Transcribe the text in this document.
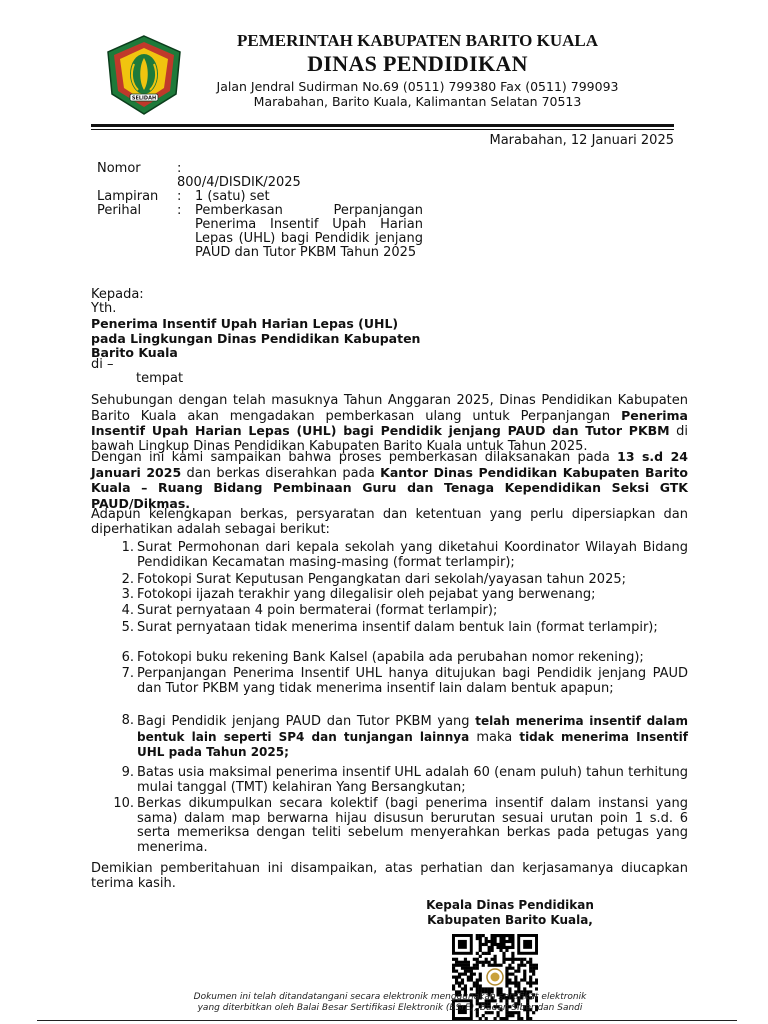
SELIDAH
PEMERINTAH KABUPATEN BARITO KUALA
DINAS PENDIDIKAN
Jalan Jendral Sudirman No.69 (0511) 799380 Fax (0511) 799093
Marabahan, Barito Kuala, Kalimantan Selatan 70513
Marabahan, 12 Januari 2025
Nomor	:
800/4/DISDIK/2025
Lampiran : 1 (satu) set
Perihal	: Pemberkasan Perpanjangan Penerima Insentif Upah Harian Lepas (UHL) bagi Pendidik jenjang PAUD dan Tutor PKBM Tahun 2025
Kepada:
Yth.
Penerima Insentif Upah Harian Lepas (UHL) pada Lingkungan Dinas Pendidikan Kabupaten Barito Kuala
di –
tempat
Sehubungan dengan telah masuknya Tahun Anggaran 2025, Dinas Pendidikan Kabupaten Barito Kuala akan mengadakan pemberkasan ulang untuk Perpanjangan Penerima Insentif Upah Harian Lepas (UHL) bagi Pendidik jenjang PAUD dan Tutor PKBM di bawah Lingkup Dinas Pendidikan Kabupaten Barito Kuala untuk Tahun 2025.
Dengan ini kami sampaikan bahwa proses pemberkasan dilaksanakan pada 13 s.d 24 Januari 2025 dan berkas diserahkan pada Kantor Dinas Pendidikan Kabupaten Barito Kuala – Ruang Bidang Pembinaan Guru dan Tenaga Kependidikan Seksi GTK PAUD/Dikmas.
Adapun kelengkapan berkas, persyaratan dan ketentuan yang perlu dipersiapkan dan diperhatikan adalah sebagai berikut:
1. Surat Permohonan dari kepala sekolah yang diketahui Koordinator Wilayah Bidang Pendidikan Kecamatan masing-masing (format terlampir);
2. Fotokopi Surat Keputusan Pengangkatan dari sekolah/yayasan tahun 2025;
3. Fotokopi ijazah terakhir yang dilegalisir oleh pejabat yang berwenang;
4. Surat pernyataan 4 poin bermaterai (format terlampir);
5. Surat pernyataan tidak menerima insentif dalam bentuk lain (format terlampir);
6. Fotokopi buku rekening Bank Kalsel (apabila ada perubahan nomor rekening);
7. Perpanjangan Penerima Insentif UHL hanya ditujukan bagi Pendidik jenjang PAUD dan Tutor PKBM yang tidak menerima insentif lain dalam bentuk apapun;
8. Bagi Pendidik jenjang PAUD dan Tutor PKBM yang telah menerima insentif dalam bentuk lain seperti SP4 dan tunjangan lainnya maka tidak menerima Insentif UHL pada Tahun 2025;
9. Batas usia maksimal penerima insentif UHL adalah 60 (enam puluh) tahun terhitung mulai tanggal (TMT) kelahiran Yang Bersangkutan;
10. Berkas dikumpulkan secara kolektif (bagi penerima insentif dalam instansi yang sama) dalam map berwarna hijau disusun berurutan sesuai urutan poin 1 s.d. 6 serta memeriksa dengan teliti sebelum menyerahkan berkas pada petugas yang menerima.
Demikian pemberitahuan ini disampaikan, atas perhatian dan kerjasamanya diucapkan terima kasih.
Kepala Dinas Pendidikan
Kabupaten Barito Kuala,
Dokumen ini telah ditandatangani secara elektronik menggunakan sertifikat elektronik
yang diterbitkan oleh Balai Besar Sertifikasi Elektronik (BSrE), Badan Siber dan Sandi
